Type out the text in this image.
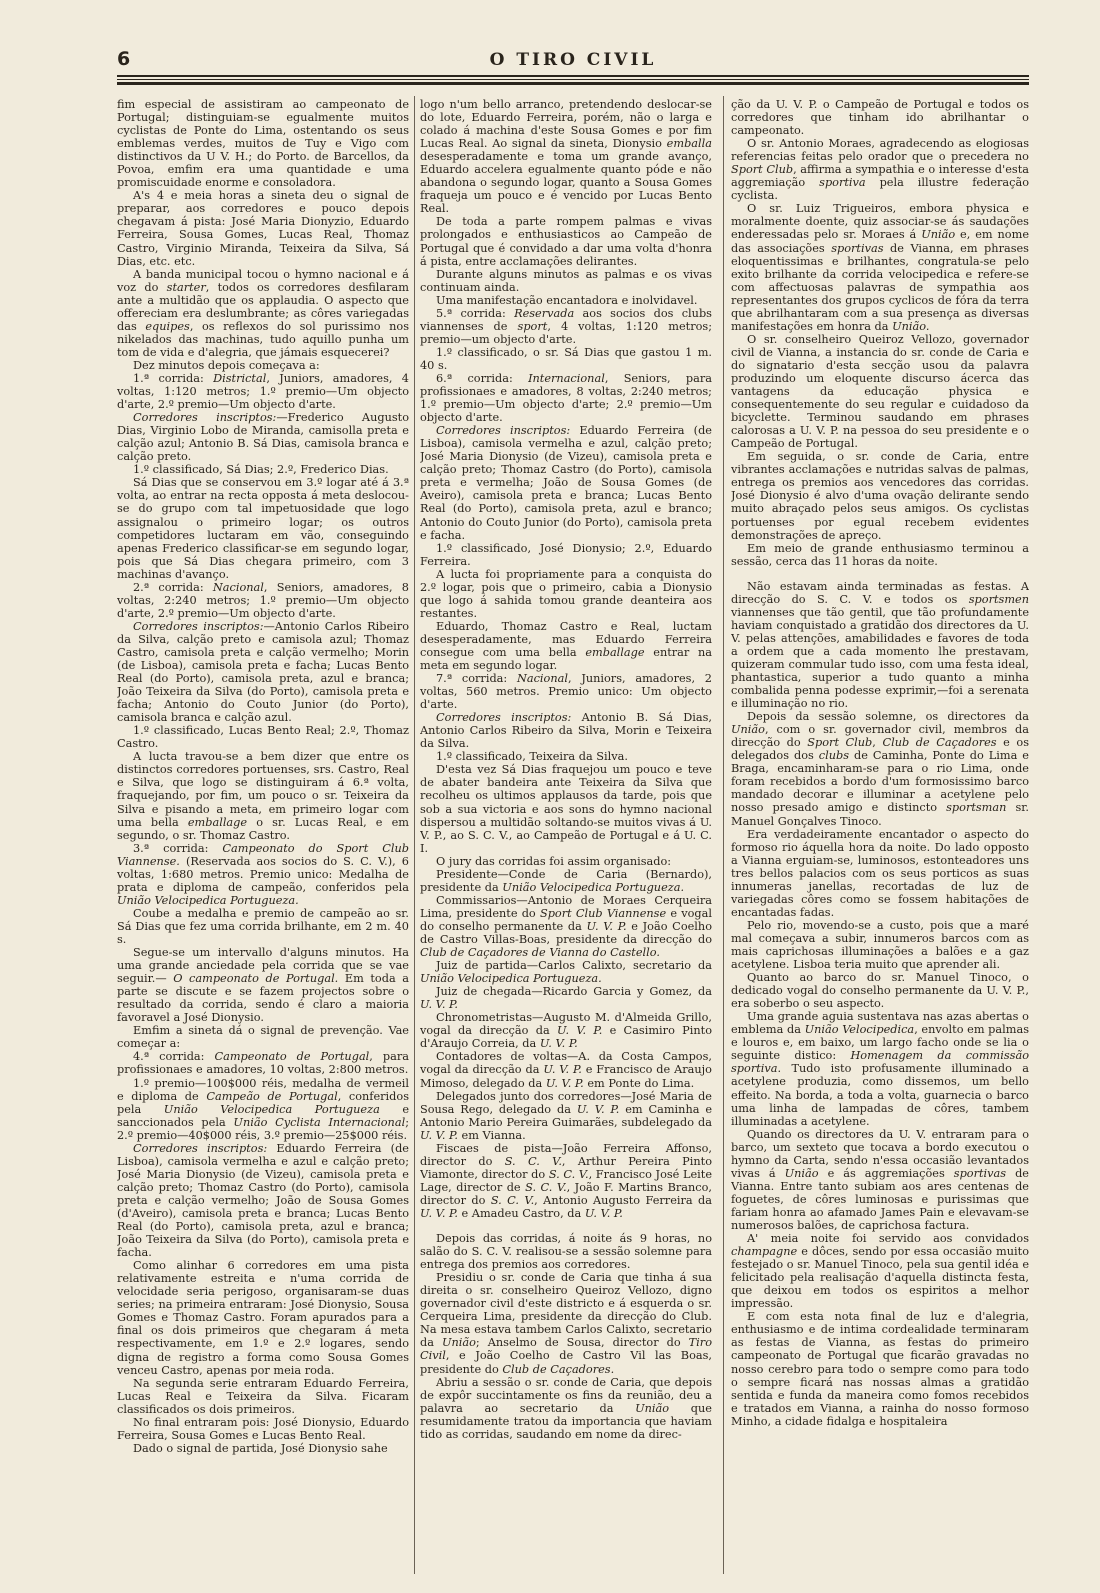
6	O TIRO CIVIL

fim especial de assistiram ao campeonato de Portugal; distinguiam-se egualmente muitos cyclistas de Ponte do Lima, ostentando os seus emblemas verdes, muitos de Tuy e Vigo com distinctivos da U V. H.; do Porto. de Barcellos, da Povoa, emfim era uma quantidade e uma promiscuidade enorme e consoladora.

A's 4 e meia horas a sineta deu o signal de preparar, aos corredores e pouco depois chegavam á pista: José Maria Dionyzio, Eduardo Ferreira, Sousa Gomes, Lucas Real, Thomaz Castro, Virginio Miranda, Teixeira da Silva, Sá Dias, etc. etc.

A banda municipal tocou o hymno nacional e á voz do starter, todos os corredores desfilaram ante a multidão que os applaudia. O aspecto que offereciam era deslumbrante; as côres variegadas das equipes, os reflexos do sol purissimo nos nikelados das machinas, tudo aquillo punha um tom de vida e d'alegria, que jámais esquecerei?

Dez minutos depois começava a:

1.ª corrida: Districtal, Juniors, amadores, 4 voltas, 1:120 metros; 1.º premio—Um objecto d'arte, 2.º premio—Um objecto d'arte.

Corredores inscriptos:—Frederico Augusto Dias, Virginio Lobo de Miranda, camisolla preta e calção azul; Antonio B. Sá Dias, camisola branca e calção preto.

1.º classificado, Sá Dias; 2.º, Frederico Dias.

Sá Dias que se conservou em 3.º logar até á 3.ª volta, ao entrar na recta opposta á meta deslocou-se do grupo com tal impetuosidade que logo assignalou o primeiro logar; os outros competidores luctaram em vão, conseguindo apenas Frederico classificar-se em segundo logar, pois que Sá Dias chegara primeiro, com 3 machinas d'avanço.

2.ª corrida: Nacional, Seniors, amadores, 8 voltas, 2:240 metros; 1.º premio—Um objecto d'arte, 2.º premio—Um objecto d'arte.

Corredores inscriptos:—Antonio Carlos Ribeiro da Silva, calção preto e camisola azul; Thomaz Castro, camisola preta e calção vermelho; Morin (de Lisboa), camisola preta e facha; Lucas Bento Real (do Porto), camisola preta, azul e branca; João Teixeira da Silva (do Porto), camisola preta e facha; Antonio do Couto Junior (do Porto), camisola branca e calção azul.

1.º classificado, Lucas Bento Real; 2.º, Thomaz Castro.

A lucta travou-se a bem dizer que entre os distinctos corredores portuenses, srs. Castro, Real e Silva, que logo se distinguiram á 6.ª volta, fraquejando, por fim, um pouco o sr. Teixeira da Silva e pisando a meta, em primeiro logar com uma bella emballage o sr. Lucas Real, e em segundo, o sr. Thomaz Castro.

3.ª corrida: Campeonato do Sport Club Viannense. (Reservada aos socios do S. C. V.), 6 voltas, 1:680 metros. Premio unico: Medalha de prata e diploma de campeão, conferidos pela União Velocipedica Portugueza.

Coube a medalha e premio de campeão ao sr. Sá Dias que fez uma corrida brilhante, em 2 m. 40 s.

Segue-se um intervallo d'alguns minutos. Ha uma grande anciedade pela corrida que se vae seguir.— O campeonato de Portugal. Em toda a parte se discute e se fazem projectos sobre o resultado da corrida, sendo é claro a maioria favoravel a José Dionysio.

Emfim a sineta dá o signal de prevenção. Vae começar a:

4.ª corrida: Campeonato de Portugal, para profissionaes e amadores, 10 voltas, 2:800 metros.

1.º premio—100$000 réis, medalha de vermeil e diploma de Campeão de Portugal, conferidos pela União Velocipedica Portugueza e sanccionados pela União Cyclista Internacional; 2.º premio—40$000 réis, 3.º premio—25$000 réis.

Corredores inscriptos: Eduardo Ferreira (de Lisboa), camisola vermelha e azul e calção preto; José Maria Dionysio (de Vizeu), camisola preta e calção preto; Thomaz Castro (do Porto), camisola preta e calção vermelho; João de Sousa Gomes (d'Aveiro), camisola preta e branca; Lucas Bento Real (do Porto), camisola preta, azul e branca; João Teixeira da Silva (do Porto), camisola preta e facha.

Como alinhar 6 corredores em uma pista relativamente estreita e n'uma corrida de velocidade seria perigoso, organisaram-se duas series; na primeira entraram: José Dionysio, Sousa Gomes e Thomaz Castro. Foram apurados para a final os dois primeiros que chegaram á meta respectivamente, em 1.º e 2.º logares, sendo digna de registro a forma como Sousa Gomes venceu Castro, apenas por meia roda.

Na segunda serie entraram Eduardo Ferreira, Lucas Real e Teixeira da Silva. Ficaram classificados os dois primeiros.

No final entraram pois: José Dionysio, Eduardo Ferreira, Sousa Gomes e Lucas Bento Real.

Dado o signal de partida, José Dionysio sahe

logo n'um bello arranco, pretendendo deslocar-se do lote, Eduardo Ferreira, porém, não o larga e colado á machina d'este Sousa Gomes e por fim Lucas Real. Ao signal da sineta, Dionysio emballa desesperadamente e toma um grande avanço, Eduardo accelera egualmente quanto póde e não abandona o segundo logar, quanto a Sousa Gomes fraqueja um pouco e é vencido por Lucas Bento Real.

De toda a parte rompem palmas e vivas prolongados e enthusiasticos ao Campeão de Portugal que é convidado a dar uma volta d'honra á pista, entre acclamações delirantes.

Durante alguns minutos as palmas e os vivas continuam ainda.

Uma manifestação encantadora e inolvidavel.

5.ª corrida: Reservada aos socios dos clubs viannenses de sport, 4 voltas, 1:120 metros; premio—um objecto d'arte.

1.º classificado, o sr. Sá Dias que gastou 1 m. 40 s.

6.ª corrida: Internacional, Seniors, para profissionaes e amadores, 8 voltas, 2:240 metros; 1.º premio—Um objecto d'arte; 2.º premio—Um objecto d'arte.

Corredores inscriptos: Eduardo Ferreira (de Lisboa), camisola vermelha e azul, calção preto; José Maria Dionysio (de Vizeu), camisola preta e calção preto; Thomaz Castro (do Porto), camisola preta e vermelha; João de Sousa Gomes (de Aveiro), camisola preta e branca; Lucas Bento Real (do Porto), camisola preta, azul e branco; Antonio do Couto Junior (do Porto), camisola preta e facha.

1.º classificado, José Dionysio; 2.º, Eduardo Ferreira.

A lucta foi propriamente para a conquista do 2.º logar, pois que o primeiro, cabia a Dionysio que logo á sahida tomou grande deanteira aos restantes.

Eduardo, Thomaz Castro e Real, luctam desesperadamente, mas Eduardo Ferreira consegue com uma bella emballage entrar na meta em segundo logar.

7.ª corrida: Nacional, Juniors, amadores, 2 voltas, 560 metros. Premio unico: Um objecto d'arte.

Corredores inscriptos: Antonio B. Sá Dias, Antonio Carlos Ribeiro da Silva, Morin e Teixeira da Silva.

1.º classificado, Teixeira da Silva.

D'esta vez Sá Dias fraquejou um pouco e teve de abater bandeira ante Teixeira da Silva que recolheu os ultimos applausos da tarde, pois que sob a sua victoria e aos sons do hymno nacional dispersou a multidão soltando-se muitos vivas á U. V. P., ao S. C. V., ao Campeão de Portugal e á U. C. I.

O jury das corridas foi assim organisado:

Presidente—Conde de Caria (Bernardo), presidente da União Velocipedica Portugueza.

Commissarios—Antonio de Moraes Cerqueira Lima, presidente do Sport Club Viannense e vogal do conselho permanente da U. V. P. e João Coelho de Castro Villas-Boas, presidente da direcção do Club de Caçadores de Vianna do Castello.

Juiz de partida—Carlos Calixto, secretario da União Velocipedica Portugueza.

Juiz de chegada—Ricardo Garcia y Gomez, da U. V. P.

Chronometristas—Augusto M. d'Almeida Grillo, vogal da direcção da U. V. P. e Casimiro Pinto d'Araujo Correia, da U. V. P.

Contadores de voltas—A. da Costa Campos, vogal da direcção da U. V. P. e Francisco de Araujo Mimoso, delegado da U. V. P. em Ponte do Lima.

Delegados junto dos corredores—José Maria de Sousa Rego, delegado da U. V. P. em Caminha e Antonio Mario Pereira Guimarães, subdelegado da U. V. P. em Vianna.

Fiscaes de pista—João Ferreira Affonso, director do S. C. V., Arthur Pereira Pinto Viamonte, director do S. C. V., Francisco José Leite Lage, director de S. C. V., João F. Martins Branco, director do S. C. V., Antonio Augusto Ferreira da U. V. P. e Amadeu Castro, da U. V. P.

Depois das corridas, á noite ás 9 horas, no salão do S. C. V. realisou-se a sessão solemne para entrega dos premios aos corredores.

Presidiu o sr. conde de Caria que tinha á sua direita o sr. conselheiro Queiroz Vellozo, digno governador civil d'este districto e á esquerda o sr. Cerqueira Lima, presidente da direcção do Club. Na mesa estava tambem Carlos Calixto, secretario da União; Anselmo de Sousa, director do Tiro Civil, e João Coelho de Castro Vil las Boas, presidente do Club de Caçadores.

Abriu a sessão o sr. conde de Caria, que depois de expôr succintamente os fins da reunião, deu a palavra ao secretario da União que resumidamente tratou da importancia que haviam tido as corridas, saudando em nome da direc-

ção da U. V. P. o Campeão de Portugal e todos os corredores que tinham ido abrilhantar o campeonato.

O sr. Antonio Moraes, agradecendo as elogiosas referencias feitas pelo orador que o precedera no Sport Club, affirma a sympathia e o interesse d'esta aggremiação sportiva pela illustre federação cyclista.

O sr. Luiz Trigueiros, embora physica e moralmente doente, quiz associar-se ás saudações enderessadas pelo sr. Moraes á União e, em nome das associações sportivas de Vianna, em phrases eloquentissimas e brilhantes, congratula-se pelo exito brilhante da corrida velocipedica e refere-se com affectuosas palavras de sympathia aos representantes dos grupos cyclicos de fóra da terra que abrilhantaram com a sua presença as diversas manifestações em honra da União.

O sr. conselheiro Queiroz Vellozo, governador civil de Vianna, a instancia do sr. conde de Caria e do signatario d'esta secção usou da palavra produzindo um eloquente discurso ácerca das vantagens da educação physica e consequentemente do seu regular e cuidadoso da bicyclette. Terminou saudando em phrases calorosas a U. V. P. na pessoa do seu presidente e o Campeão de Portugal.

Em seguida, o sr. conde de Caria, entre vibrantes acclamações e nutridas salvas de palmas, entrega os premios aos vencedores das corridas. José Dionysio é alvo d'uma ovação delirante sendo muito abraçado pelos seus amigos. Os cyclistas portuenses por egual recebem evidentes demonstrações de apreço.

Em meio de grande enthusiasmo terminou a sessão, cerca das 11 horas da noite.

Não estavam ainda terminadas as festas. A direcção do S. C. V. e todos os sportsmen viannenses que tão gentil, que tão profundamente haviam conquistado a gratidão dos directores da U. V. pelas attenções, amabilidades e favores de toda a ordem que a cada momento lhe prestavam, quizeram commular tudo isso, com uma festa ideal, phantastica, superior a tudo quanto a minha combalida penna podesse exprimir,—foi a serenata e illuminação no rio.

Depois da sessão solemne, os directores da União, com o sr. governador civil, membros da direcção do Sport Club, Club de Caçadores e os delegados dos clubs de Caminha, Ponte do Lima e Braga, encaminharam-se para o rio Lima, onde foram recebidos a bordo d'um formosissimo barco mandado decorar e illuminar a acetylene pelo nosso presado amigo e distincto sportsman sr. Manuel Gonçalves Tinoco.

Era verdadeiramente encantador o aspecto do formoso rio áquella hora da noite. Do lado opposto a Vianna erguiam-se, luminosos, estonteadores uns tres bellos palacios com os seus porticos as suas innumeras janellas, recortadas de luz de variegadas côres como se fossem habitações de encantadas fadas.

Pelo rio, movendo-se a custo, pois que a maré mal começava a subir, innumeros barcos com as mais caprichosas illuminações a balões e a gaz acetylene. Lisboa teria muito que aprender ali.

Quanto ao barco do sr. Manuel Tinoco, o dedicado vogal do conselho permanente da U. V. P., era soberbo o seu aspecto.

Uma grande aguia sustentava nas azas abertas o emblema da União Velocipedica, envolto em palmas e louros e, em baixo, um largo facho onde se lia o seguinte distico: Homenagem da commissão sportiva. Tudo isto profusamente illuminado a acetylene produzia, como dissemos, um bello effeito. Na borda, a toda a volta, guarnecia o barco uma linha de lampadas de côres, tambem illuminadas a acetylene.

Quando os directores da U. V. entraram para o barco, um sexteto que tocava a bordo executou o hymno da Carta, sendo n'essa occasião levantados vivas á União e ás aggremiações sportivas de Vianna. Entre tanto subiam aos ares centenas de foguetes, de côres luminosas e purissimas que fariam honra ao afamado James Pain e elevavam-se numerosos balões, de caprichosa factura.

A' meia noite foi servido aos convidados champagne e dôces, sendo por essa occasião muito festejado o sr. Manuel Tinoco, pela sua gentil idéa e felicitado pela realisação d'aquella distincta festa, que deixou em todos os espiritos a melhor impressão.

E com esta nota final de luz e d'alegria, enthusiasmo e de intima cordealidade terminaram as festas de Vianna, as festas do primeiro campeonato de Portugal que ficarão gravadas no nosso cerebro para todo o sempre como para todo o sempre ficará nas nossas almas a gratidão sentida e funda da maneira como fomos recebidos e tratados em Vianna, a rainha do nosso formoso Minho, a cidade fidalga e hospitaleira
